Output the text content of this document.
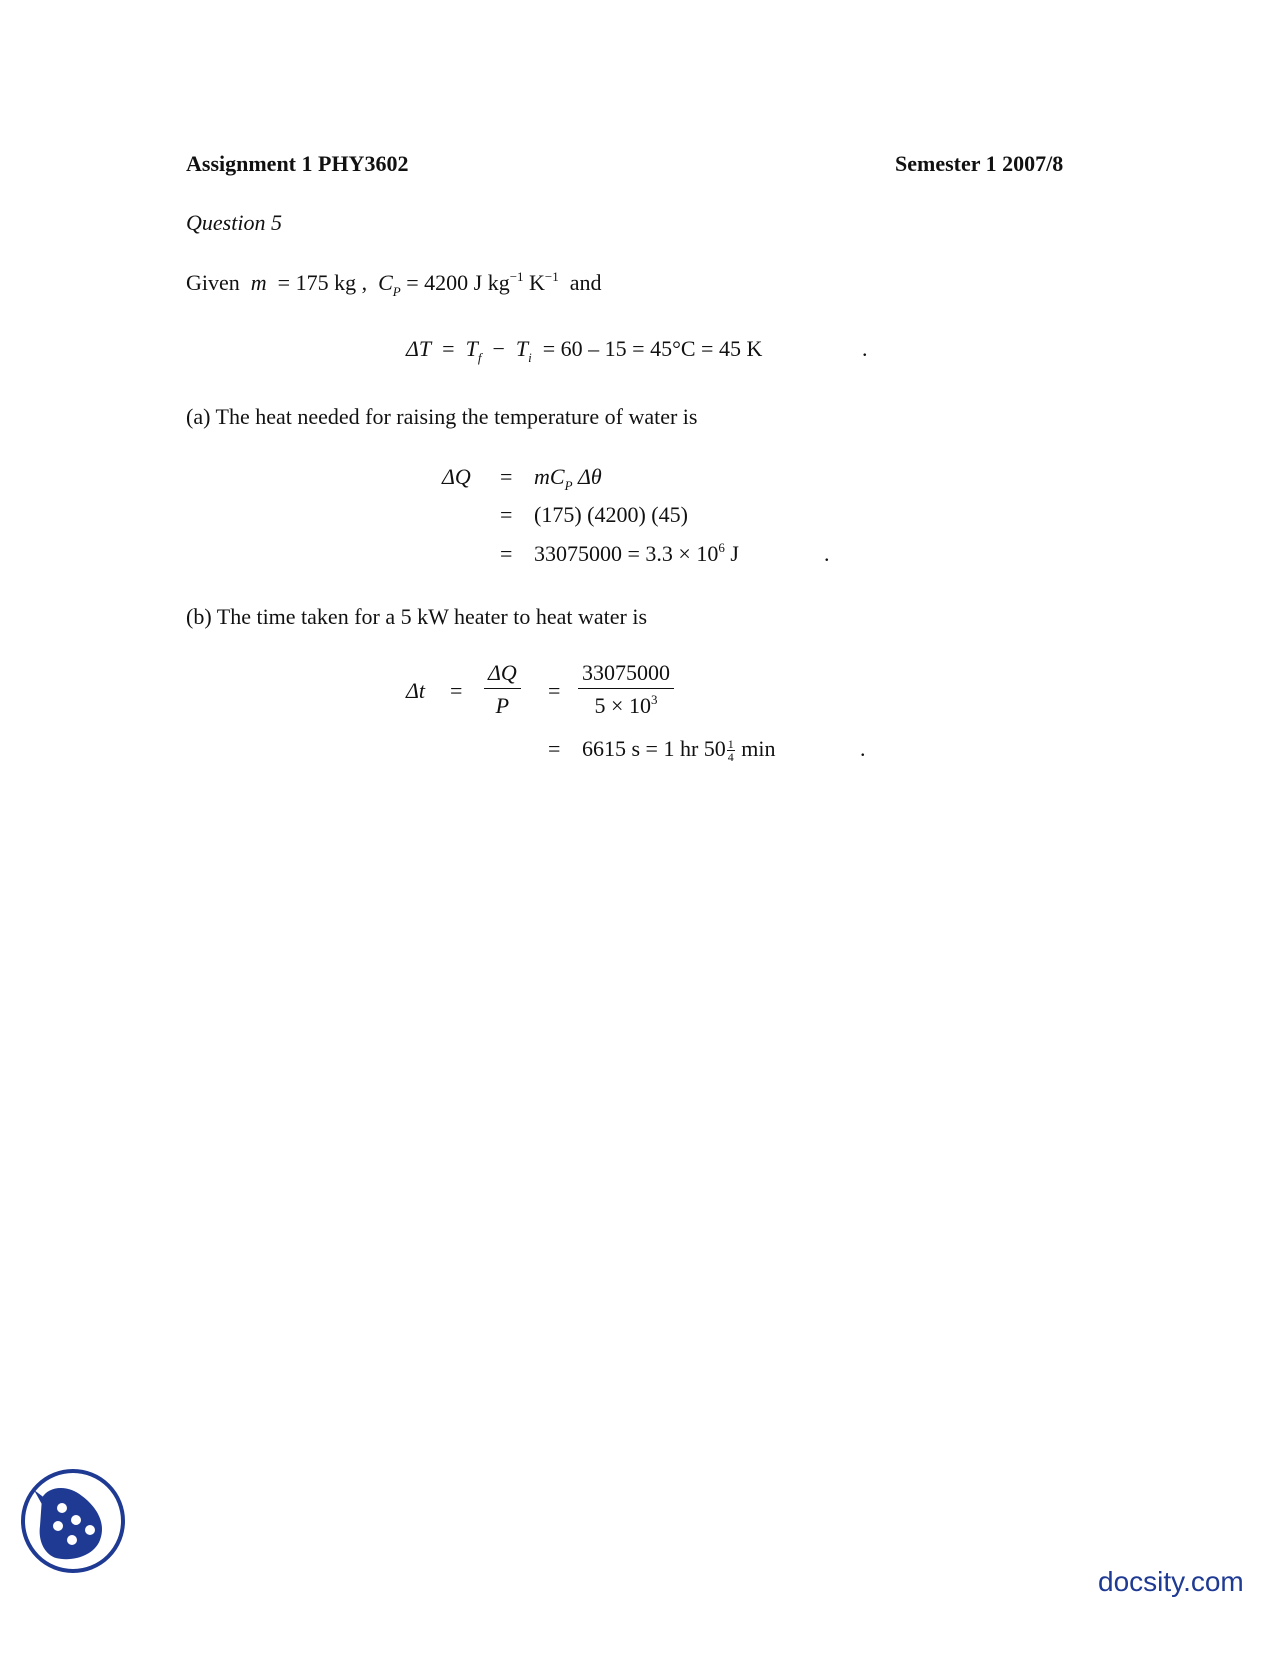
Assignment 1 PHY3602	Semester 1 2007/8
Question 5
Given m = 175 kg , $C_P = 4200$ J $kg^{-1}$ $K^{-1}$ and
$\Delta T = T_f - T_i = 60 - 15 = 45^\circ C = 45$ K	.
(a) The heat needed for raising the temperature of water is
$\Delta Q = mC_P$ Δθ
= (175) (4200) (45)
= $33075000 = 3.3 \times 10^6$ J	.
(b) The time taken for a 5 kW heater to heat water is
$\Delta t = \frac{\Delta Q}{P} = \frac{33075000}{5 \times 10^3}$
= 6615 s = 1 hr $50 \frac{1}{4}$ min	.
docsity.com
